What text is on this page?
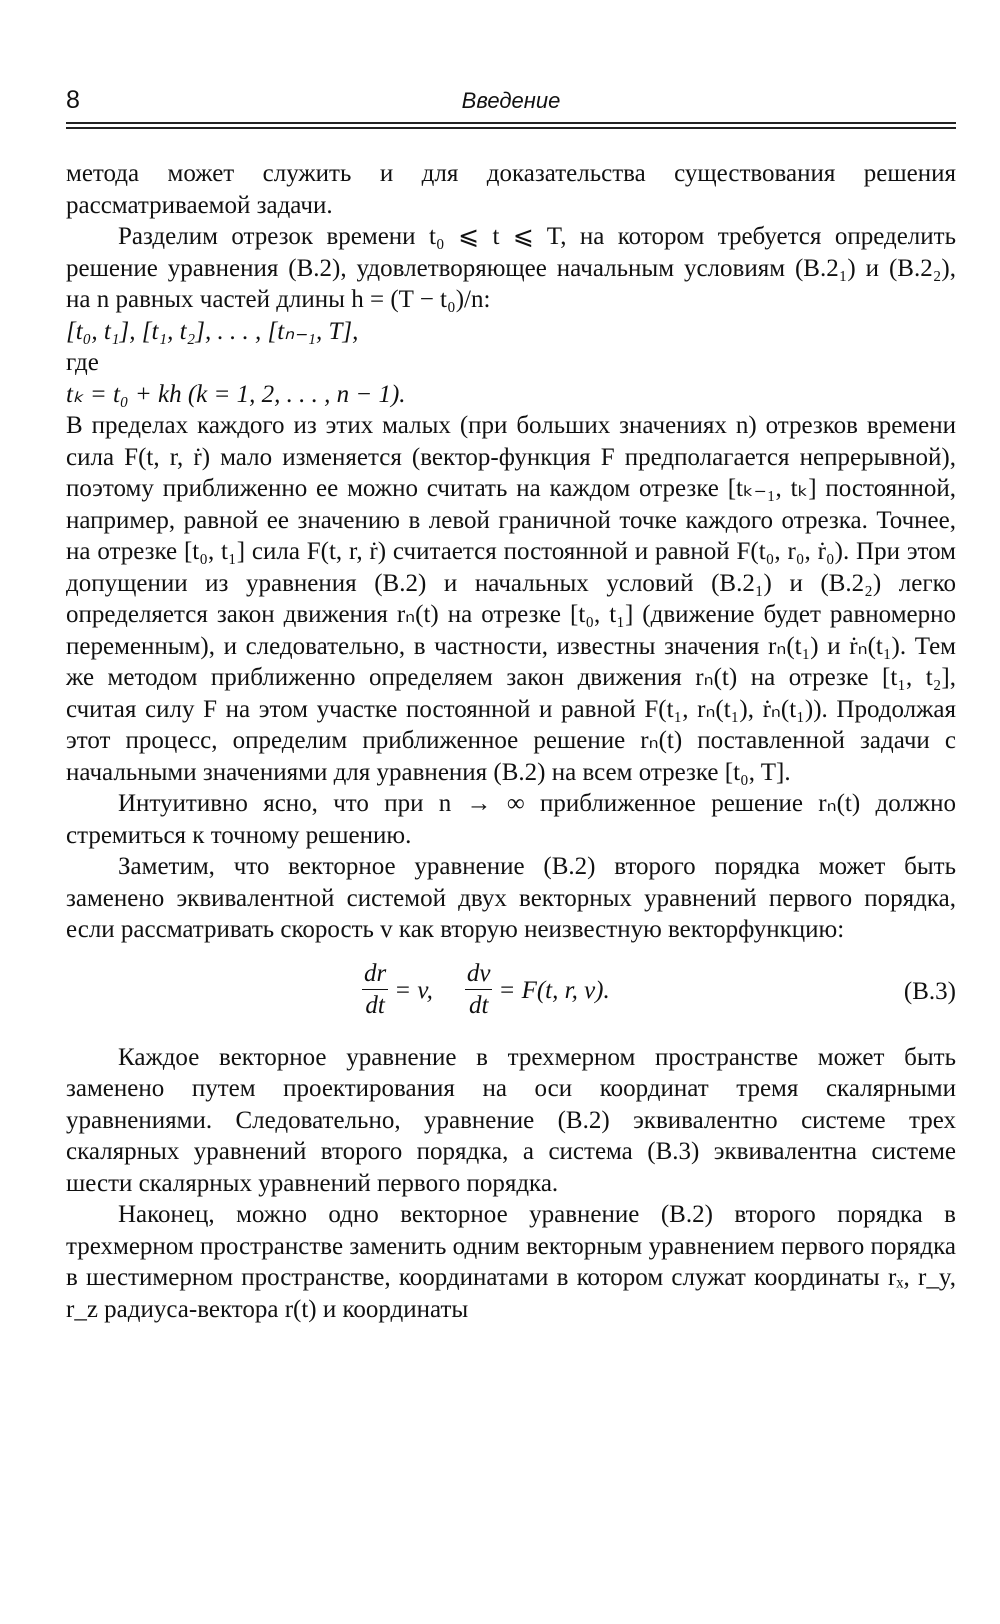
8	Введение

метода может служить и для доказательства существования решения рассматриваемой задачи.

Разделим отрезок времени t₀ ⩽ t ⩽ T, на котором требуется определить решение уравнения (B.2), удовлетворяющее начальным условиям (B.2₁) и (B.2₂), на n равных частей длины h = (T − t₀)/n:

[t₀, t₁], [t₁, t₂], . . . , [tₙ₋₁, T],

где

tₖ = t₀ + kh (k = 1, 2, . . . , n − 1).

В пределах каждого из этих малых (при больших значениях n) отрезков времени сила F(t, r, ṙ) мало изменяется (вектор-функция F предполагается непрерывной), поэтому приближенно ее можно считать на каждом отрезке [tₖ₋₁, tₖ] постоянной, например, равной ее значению в левой граничной точке каждого отрезка. Точнее, на отрезке [t₀, t₁] сила F(t, r, ṙ) считается постоянной и равной F(t₀, r₀, ṙ₀). При этом допущении из уравнения (B.2) и начальных условий (B.2₁) и (B.2₂) легко определяется закон движения rₙ(t) на отрезке [t₀, t₁] (движение будет равномерно переменным), и следовательно, в частности, известны значения rₙ(t₁) и ṙₙ(t₁). Тем же методом приближенно определяем закон движения rₙ(t) на отрезке [t₁, t₂], считая силу F на этом участке постоянной и равной F(t₁, rₙ(t₁), ṙₙ(t₁)). Продолжая этот процесс, определим приближенное решение rₙ(t) поставленной задачи с начальными значениями для уравнения (B.2) на всем отрезке [t₀, T].

Интуитивно ясно, что при n → ∞ приближенное решение rₙ(t) должно стремиться к точному решению.

Заметим, что векторное уравнение (B.2) второго порядка может быть заменено эквивалентной системой двух векторных уравнений первого порядка, если рассматривать скорость v как вторую неизвестную векторфункцию:

$\frac{dr}{dt} = v$, $\frac{dv}{dt} = F(t$, r, v).	(B.3)

Каждое векторное уравнение в трехмерном пространстве может быть заменено путем проектирования на оси координат тремя скалярными уравнениями. Следовательно, уравнение (B.2) эквивалентно системе трех скалярных уравнений второго порядка, а система (B.3) эквивалентна системе шести скалярных уравнений первого порядка.

Наконец, можно одно векторное уравнение (B.2) второго порядка в трехмерном пространстве заменить одним векторным уравнением первого порядка в шестимерном пространстве, координатами в котором служат координаты rₓ, r_y, r_z радиуса-вектора r(t) и координаты
